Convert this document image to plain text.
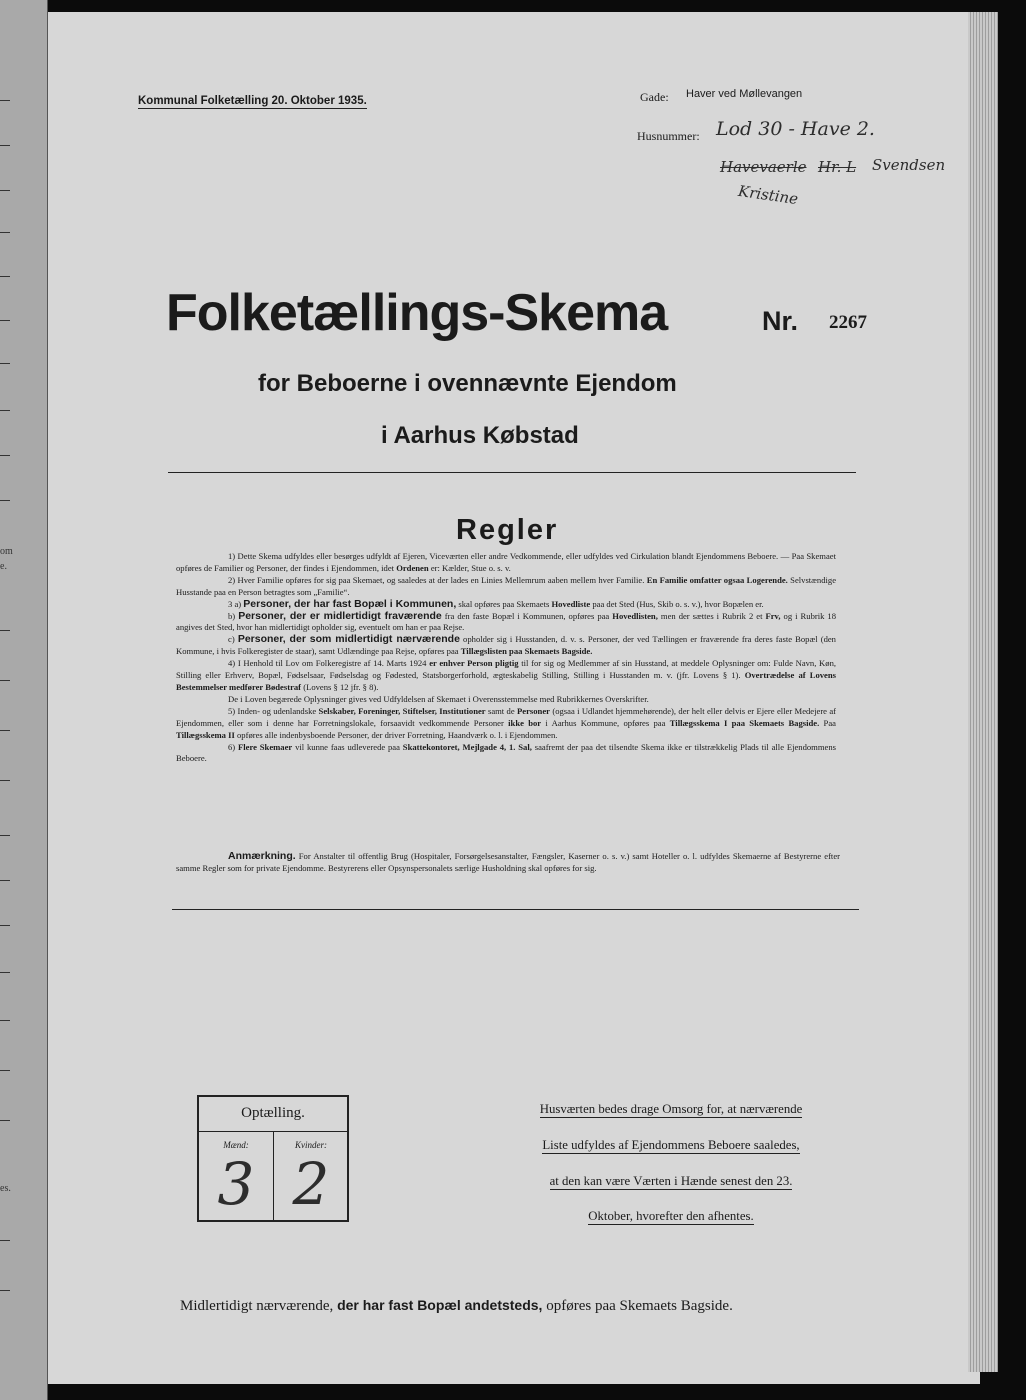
om
e.
es.
Kommunal Folketælling 20. Oktober 1935.	Gade: Haver ved Møllevangen
Husnummer: Lod 30 - Have 2.
Havevaerle Hr. L Svendsen
Kristine
Folketællings-Skema	Nr. 2267
for Beboerne i ovennævnte Ejendom
i Aarhus Købstad
Regler

1) Dette Skema udfyldes eller besørges udfyldt af Ejeren, Viceværten eller andre Vedkommende, eller udfyldes ved Cirkulation blandt Ejendommens Beboere. — Paa Skemaet opføres de Familier og Personer, der findes i Ejendommen, idet Ordenen er: Kælder, Stue o. s. v.

2) Hver Familie opføres for sig paa Skemaet, og saaledes at der lades en Linies Mellemrum aaben mellem hver Familie. En Familie omfatter ogsaa Logerende. Selvstændige Husstande paa en Person betragtes som „Familie“.

3 a) Personer, der har fast Bopæl i Kommunen, skal opføres paa Skemaets Hovedliste paa det Sted (Hus, Skib o. s. v.), hvor Bopælen er.

b) Personer, der er midlertidigt fraværende fra den faste Bopæl i Kommunen, opføres paa Hovedlisten, men der sættes i Rubrik 2 et Frv, og i Rubrik 18 angives det Sted, hvor han midlertidigt opholder sig, eventuelt om han er paa Rejse.

c) Personer, der som midlertidigt nærværende opholder sig i Husstanden, d. v. s. Personer, der ved Tællingen er fraværende fra deres faste Bopæl (den Kommune, i hvis Folkeregister de staar), samt Udlændinge paa Rejse, opføres paa Tillægslisten paa Skemaets Bagside.

4) I Henhold til Lov om Folkeregistre af 14. Marts 1924 er enhver Person pligtig til for sig og Medlemmer af sin Husstand, at meddele Oplysninger om: Fulde Navn, Køn, Stilling eller Erhverv, Bopæl, Fødselsaar, Fødselsdag og Fødested, Statsborgerforhold, ægteskabelig Stilling, Stilling i Husstanden m. v. (jfr. Lovens § 1). Overtrædelse af Lovens Bestemmelser medfører Bødestraf (Lovens § 12 jfr. § 8).

De i Loven begærede Oplysninger gives ved Udfyldelsen af Skemaet i Overensstemmelse med Rubrikkernes Overskrifter.

5) Inden- og udenlandske Selskaber, Foreninger, Stiftelser, Institutioner samt de Personer (ogsaa i Udlandet hjemmehørende), der helt eller delvis er Ejere eller Medejere af Ejendommen, eller som i denne har Forretningslokale, forsaavidt vedkommende Personer ikke bor i Aarhus Kommune, opføres paa Tillægsskema I paa Skemaets Bagside. Paa Tillægsskema II opføres alle indenbysboende Personer, der driver Forretning, Haandværk o. l. i Ejendommen.

6) Flere Skemaer vil kunne faas udleverede paa Skattekontoret, Mejlgade 4, 1. Sal, saafremt der paa det tilsendte Skema ikke er tilstrækkelig Plads til alle Ejendommens Beboere.

Anmærkning. For Anstalter til offentlig Brug (Hospitaler, Forsørgelsesanstalter, Fængsler, Kaserner o. s. v.) samt Hoteller o. l. udfyldes Skemaerne af Bestyrerne efter samme Regler som for private Ejendomme. Bestyrerens eller Opsynspersonalets særlige Husholdning skal opføres for sig.
Optælling.
Mænd:
3
Kvinder:
2
Husværten bedes drage Omsorg for, at nærværende
Liste udfyldes af Ejendommens Beboere saaledes,
at den kan være Værten i Hænde senest den 23.
Oktober, hvorefter den afhentes.
Midlertidigt nærværende, der har fast Bopæl andetsteds, opføres paa Skemaets Bagside.
